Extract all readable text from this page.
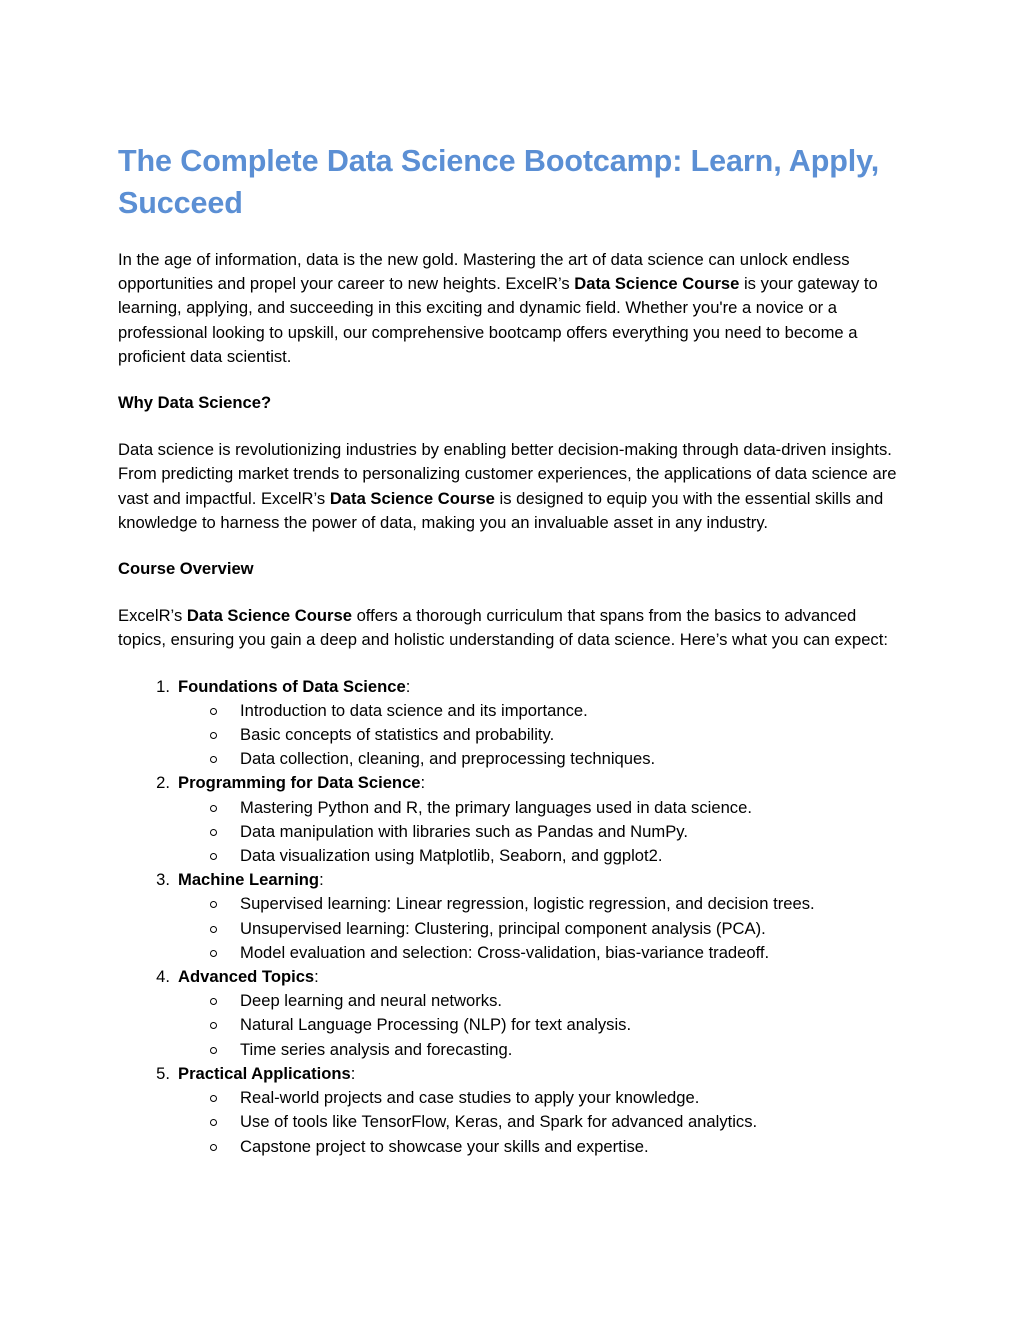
The Complete Data Science Bootcamp: Learn, Apply, Succeed

In the age of information, data is the new gold. Mastering the art of data science can unlock endless opportunities and propel your career to new heights. ExcelR’s Data Science Course is your gateway to learning, applying, and succeeding in this exciting and dynamic field. Whether you're a novice or a professional looking to upskill, our comprehensive bootcamp offers everything you need to become a proficient data scientist.

Why Data Science?

Data science is revolutionizing industries by enabling better decision-making through data-driven insights. From predicting market trends to personalizing customer experiences, the applications of data science are vast and impactful. ExcelR’s Data Science Course is designed to equip you with the essential skills and knowledge to harness the power of data, making you an invaluable asset in any industry.

Course Overview

ExcelR’s Data Science Course offers a thorough curriculum that spans from the basics to advanced topics, ensuring you gain a deep and holistic understanding of data science. Here’s what you can expect:

1. Foundations of Data Science:
Introduction to data science and its importance.
Basic concepts of statistics and probability.
Data collection, cleaning, and preprocessing techniques.
2. Programming for Data Science:
Mastering Python and R, the primary languages used in data science.
Data manipulation with libraries such as Pandas and NumPy.
Data visualization using Matplotlib, Seaborn, and ggplot2.
3. Machine Learning:
Supervised learning: Linear regression, logistic regression, and decision trees.
Unsupervised learning: Clustering, principal component analysis (PCA).
Model evaluation and selection: Cross-validation, bias-variance tradeoff.
4. Advanced Topics:
Deep learning and neural networks.
Natural Language Processing (NLP) for text analysis.
Time series analysis and forecasting.
5. Practical Applications:
Real-world projects and case studies to apply your knowledge.
Use of tools like TensorFlow, Keras, and Spark for advanced analytics.
Capstone project to showcase your skills and expertise.
